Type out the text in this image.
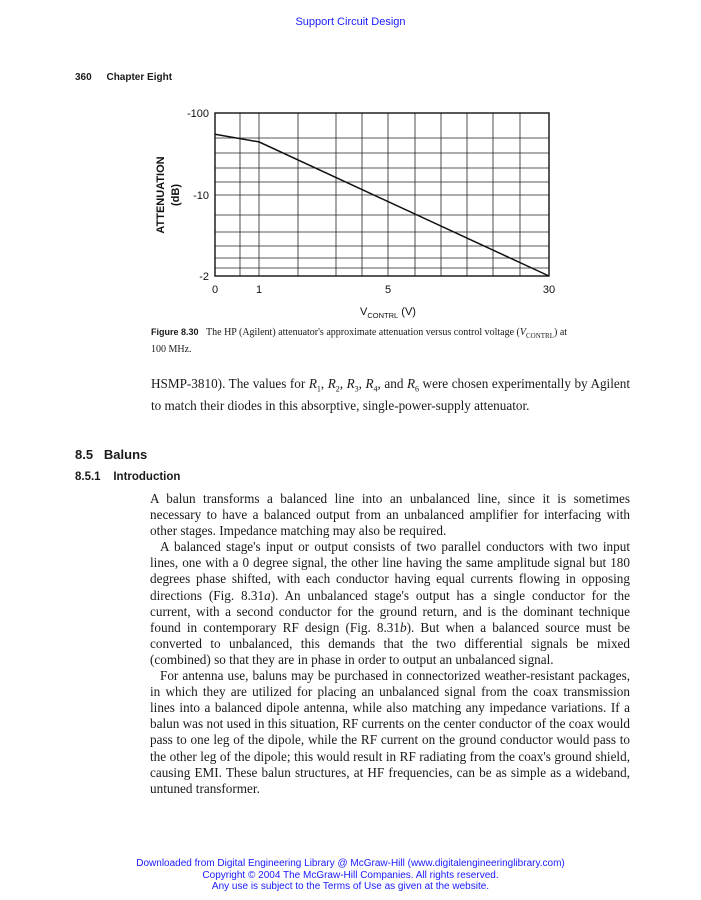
Support Circuit Design
360 Chapter Eight
-100
-10
-2
0	1	5	30
$V_{CONTRL}$ (V)
ATTENUATION (dB)
Figure 8.30 The HP (Agilent) attenuator's approximate attenuation versus control voltage $(V_{CONTRL})$ at 100 MHz.

HSMP-3810). The values for $R_1$, $R_2$, $R_3$, $R_4$, and $R_6$ were chosen experimentally by Agilent to match their diodes in this absorptive, single-power-supply attenuator.

8.5 Baluns
8.5.1 Introduction

A balun transforms a balanced line into an unbalanced line, since it is sometimes necessary to have a balanced output from an unbalanced amplifier for interfacing with other stages. Impedance matching may also be required.

A balanced stage's input or output consists of two parallel conductors with two input lines, one with a 0 degree signal, the other line having the same amplitude signal but 180 degrees phase shifted, with each conductor having equal currents flowing in opposing directions (Fig. 8.31a). An unbalanced stage's output has a single conductor for the current, with a second conductor for the ground return, and is the dominant technique found in contemporary RF design (Fig. 8.31b). But when a balanced source must be converted to unbalanced, this demands that the two differential signals be mixed (combined) so that they are in phase in order to output an unbalanced signal.

For antenna use, baluns may be purchased in connectorized weather-resistant packages, in which they are utilized for placing an unbalanced signal from the coax transmission lines into a balanced dipole antenna, while also matching any impedance variations. If a balun was not used in this situation, RF currents on the center conductor of the coax would pass to one leg of the dipole, while the RF current on the ground conductor would pass to the other leg of the dipole; this would result in RF radiating from the coax's ground shield, causing EMI. These balun structures, at HF frequencies, can be as simple as a wideband, untuned transformer.

Downloaded from Digital Engineering Library @ McGraw-Hill (www.digitalengineeringlibrary.com)
Copyright © 2004 The McGraw-Hill Companies. All rights reserved.
Any use is subject to the Terms of Use as given at the website.
